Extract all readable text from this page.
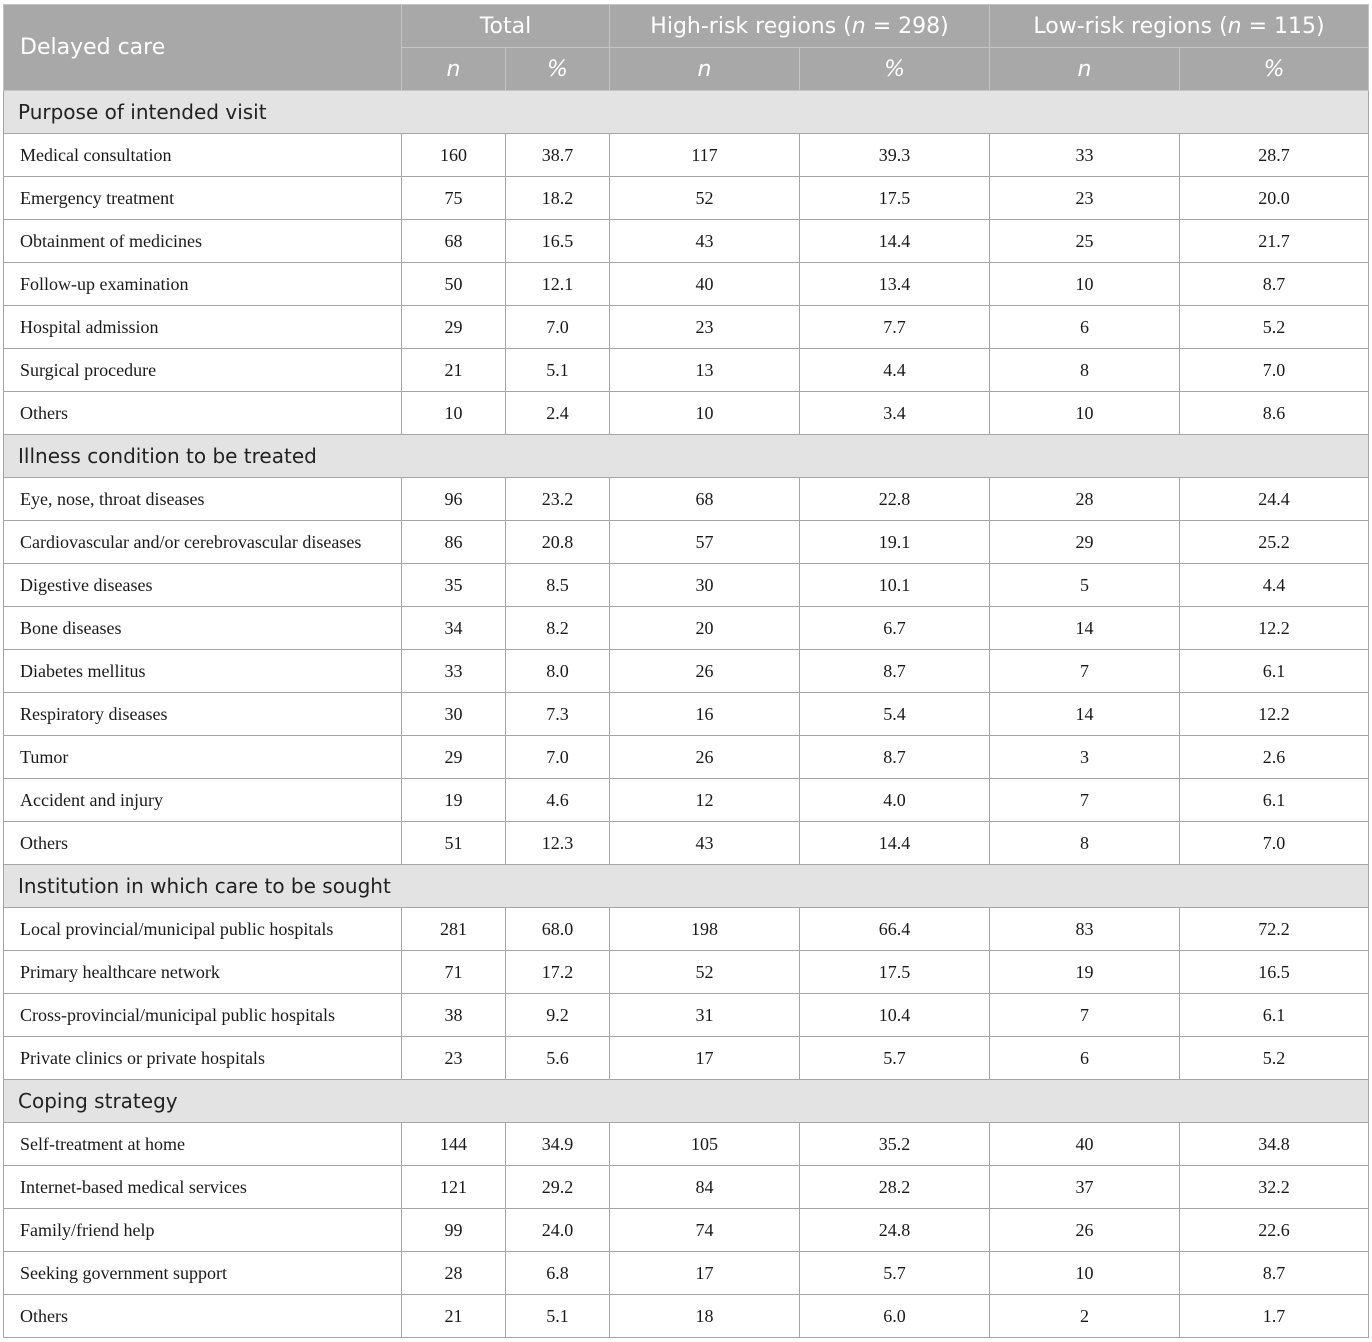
Delayed care	Total		High-risk regions (n = 298)		Low-risk regions (n = 115)	
	n	%	n	%	n	%
Purpose of intended visit						
Medical consultation	160	38.7	117	39.3	33	28.7
Emergency treatment	75	18.2	52	17.5	23	20.0
Obtainment of medicines	68	16.5	43	14.4	25	21.7
Follow-up examination	50	12.1	40	13.4	10	8.7
Hospital admission	29	7.0	23	7.7	6	5.2
Surgical procedure	21	5.1	13	4.4	8	7.0
Others	10	2.4	10	3.4	10	8.6
Illness condition to be treated						
Eye, nose, throat diseases	96	23.2	68	22.8	28	24.4
Cardiovascular and/or cerebrovascular diseases	86	20.8	57	19.1	29	25.2
Digestive diseases	35	8.5	30	10.1	5	4.4
Bone diseases	34	8.2	20	6.7	14	12.2
Diabetes mellitus	33	8.0	26	8.7	7	6.1
Respiratory diseases	30	7.3	16	5.4	14	12.2
Tumor	29	7.0	26	8.7	3	2.6
Accident and injury	19	4.6	12	4.0	7	6.1
Others	51	12.3	43	14.4	8	7.0
Institution in which care to be sought						
Local provincial/municipal public hospitals	281	68.0	198	66.4	83	72.2
Primary healthcare network	71	17.2	52	17.5	19	16.5
Cross-provincial/municipal public hospitals	38	9.2	31	10.4	7	6.1
Private clinics or private hospitals	23	5.6	17	5.7	6	5.2
Coping strategy						
Self-treatment at home	144	34.9	105	35.2	40	34.8
Internet-based medical services	121	29.2	84	28.2	37	32.2
Family/friend help	99	24.0	74	24.8	26	22.6
Seeking government support	28	6.8	17	5.7	10	8.7
Others	21	5.1	18	6.0	2	1.7
